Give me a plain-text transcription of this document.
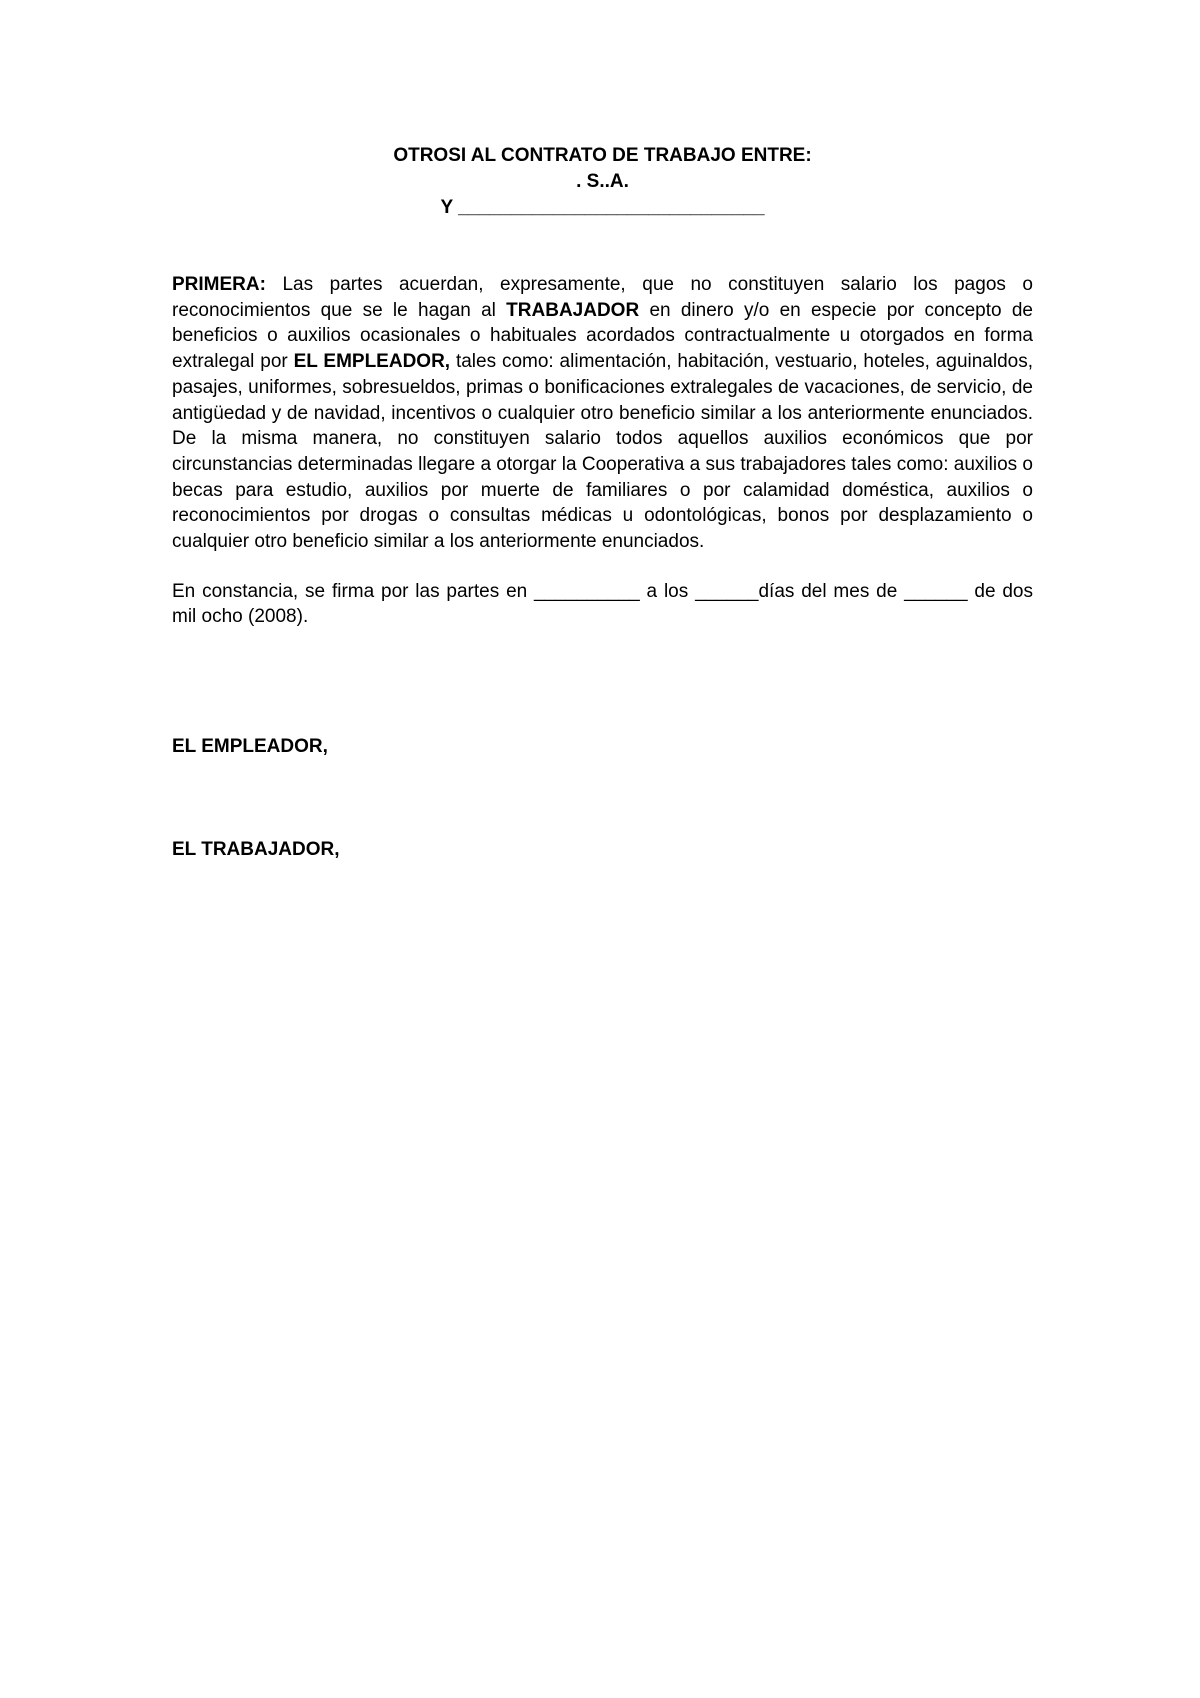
OTROSI AL CONTRATO DE TRABAJO ENTRE:
. S..A.
Y _____________________________

PRIMERA: Las partes acuerdan, expresamente, que no constituyen salario los pagos o reconocimientos que se le hagan al TRABAJADOR en dinero y/o en especie por concepto de beneficios o auxilios ocasionales o habituales acordados contractualmente u otorgados en forma extralegal por EL EMPLEADOR, tales como: alimentación, habitación, vestuario, hoteles, aguinaldos, pasajes, uniformes, sobresueldos, primas o bonificaciones extralegales de vacaciones, de servicio, de antigüedad y de navidad, incentivos o cualquier otro beneficio similar a los anteriormente enunciados. De la misma manera, no constituyen salario todos aquellos auxilios económicos que por circunstancias determinadas llegare a otorgar la Cooperativa a sus trabajadores tales como: auxilios o becas para estudio, auxilios por muerte de familiares o por calamidad doméstica, auxilios o reconocimientos por drogas o consultas médicas u odontológicas, bonos por desplazamiento o cualquier otro beneficio similar a los anteriormente enunciados.

En constancia, se firma por las partes en __________ a los ______días del mes de ______ de dos mil ocho (2008).

EL EMPLEADOR,
EL TRABAJADOR,
